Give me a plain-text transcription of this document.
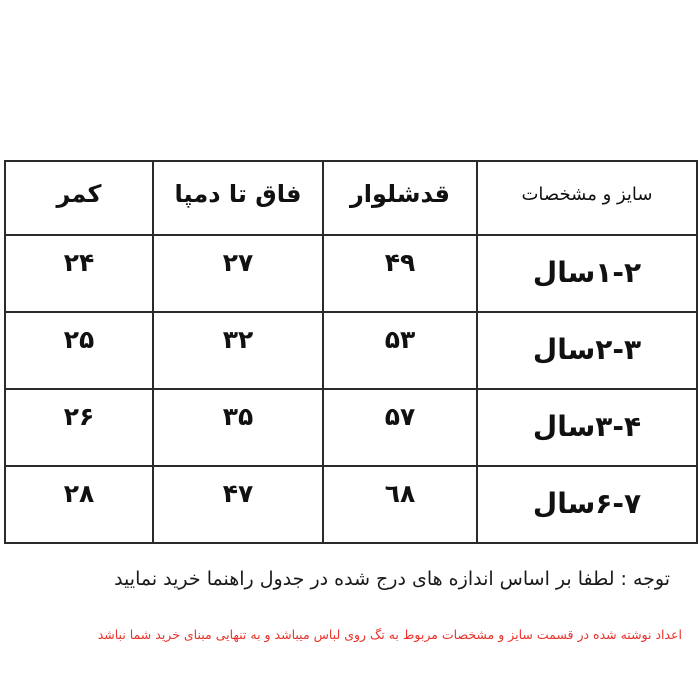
کمر	فاق تا دمپا	قدشلوار	سایز و مشخصات

۲۴	۲۷	۴۹	۱-۲سال

۲۵	۳۲	۵۳	۲-۳سال

۲۶	۳۵	۵۷	۳-۴سال

۲۸	۴۷	٦۸	۶-۷سال
توجه : لطفا بر اساس اندازه های درج شده در جدول راهنما خرید نمایید
اعداد نوشته شده در قسمت سایز و مشخصات مربوط به تگ روی لباس میباشد و به تنهایی مبنای خرید شما نباشد
